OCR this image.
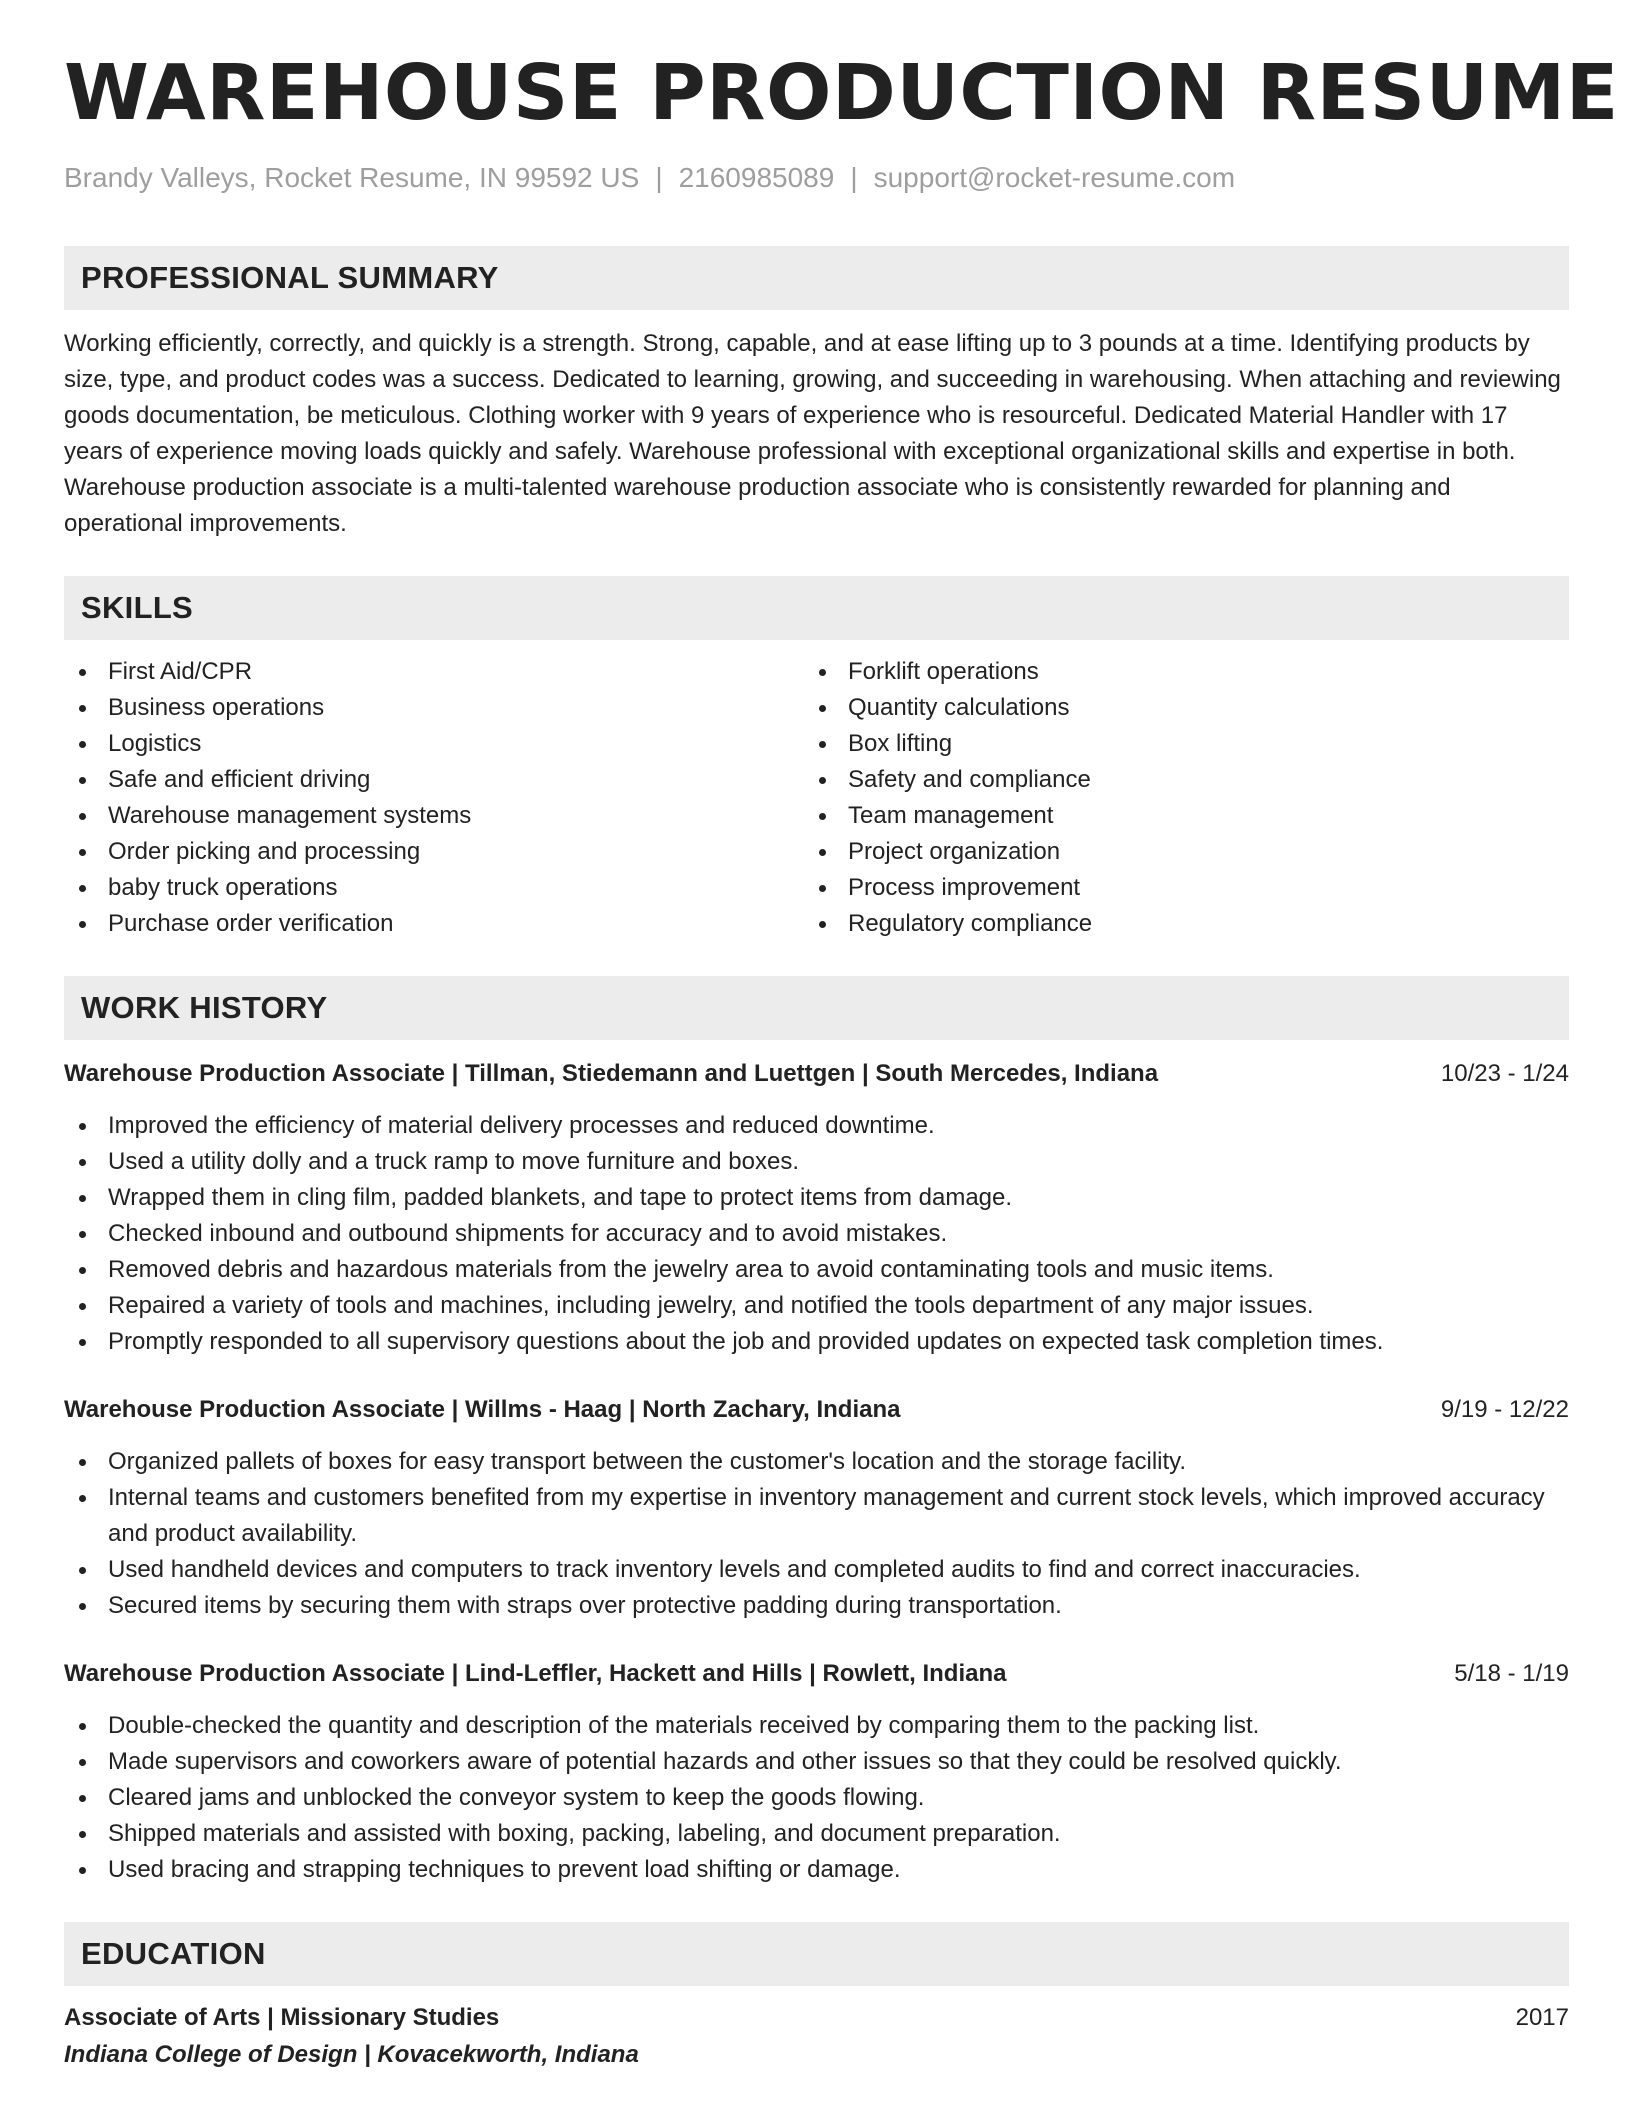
WAREHOUSE PRODUCTION RESUME
Brandy Valleys, Rocket Resume, IN 99592 US | 2160985089 | support@rocket-resume.com
PROFESSIONAL SUMMARY

Working efficiently, correctly, and quickly is a strength. Strong, capable, and at ease lifting up to 3 pounds at a time. Identifying products by size, type, and product codes was a success. Dedicated to learning, growing, and succeeding in warehousing. When attaching and reviewing goods documentation, be meticulous. Clothing worker with 9 years of experience who is resourceful. Dedicated Material Handler with 17 years of experience moving loads quickly and safely. Warehouse professional with exceptional organizational skills and expertise in both. Warehouse production associate is a multi-talented warehouse production associate who is consistently rewarded for planning and operational improvements.

SKILLS
First Aid/CPR
Business operations
Logistics
Safe and efficient driving
Warehouse management systems
Order picking and processing
baby truck operations
Purchase order verification
Forklift operations
Quantity calculations
Box lifting
Safety and compliance
Team management
Project organization
Process improvement
Regulatory compliance
WORK HISTORY
Warehouse Production Associate | Tillman, Stiedemann and Luettgen | South Mercedes, Indiana	10/23 - 1/24
Improved the efficiency of material delivery processes and reduced downtime.
Used a utility dolly and a truck ramp to move furniture and boxes.
Wrapped them in cling film, padded blankets, and tape to protect items from damage.
Checked inbound and outbound shipments for accuracy and to avoid mistakes.
Removed debris and hazardous materials from the jewelry area to avoid contaminating tools and music items.
Repaired a variety of tools and machines, including jewelry, and notified the tools department of any major issues.
Promptly responded to all supervisory questions about the job and provided updates on expected task completion times.
Warehouse Production Associate | Willms - Haag | North Zachary, Indiana	9/19 - 12/22
Organized pallets of boxes for easy transport between the customer's location and the storage facility.
Internal teams and customers benefited from my expertise in inventory management and current stock levels, which improved accuracy and product availability.
Used handheld devices and computers to track inventory levels and completed audits to find and correct inaccuracies.
Secured items by securing them with straps over protective padding during transportation.
Warehouse Production Associate | Lind-Leffler, Hackett and Hills | Rowlett, Indiana	5/18 - 1/19
Double-checked the quantity and description of the materials received by comparing them to the packing list.
Made supervisors and coworkers aware of potential hazards and other issues so that they could be resolved quickly.
Cleared jams and unblocked the conveyor system to keep the goods flowing.
Shipped materials and assisted with boxing, packing, labeling, and document preparation.
Used bracing and strapping techniques to prevent load shifting or damage.
EDUCATION
Associate of Arts | Missionary Studies	2017
Indiana College of Design | Kovacekworth, Indiana
